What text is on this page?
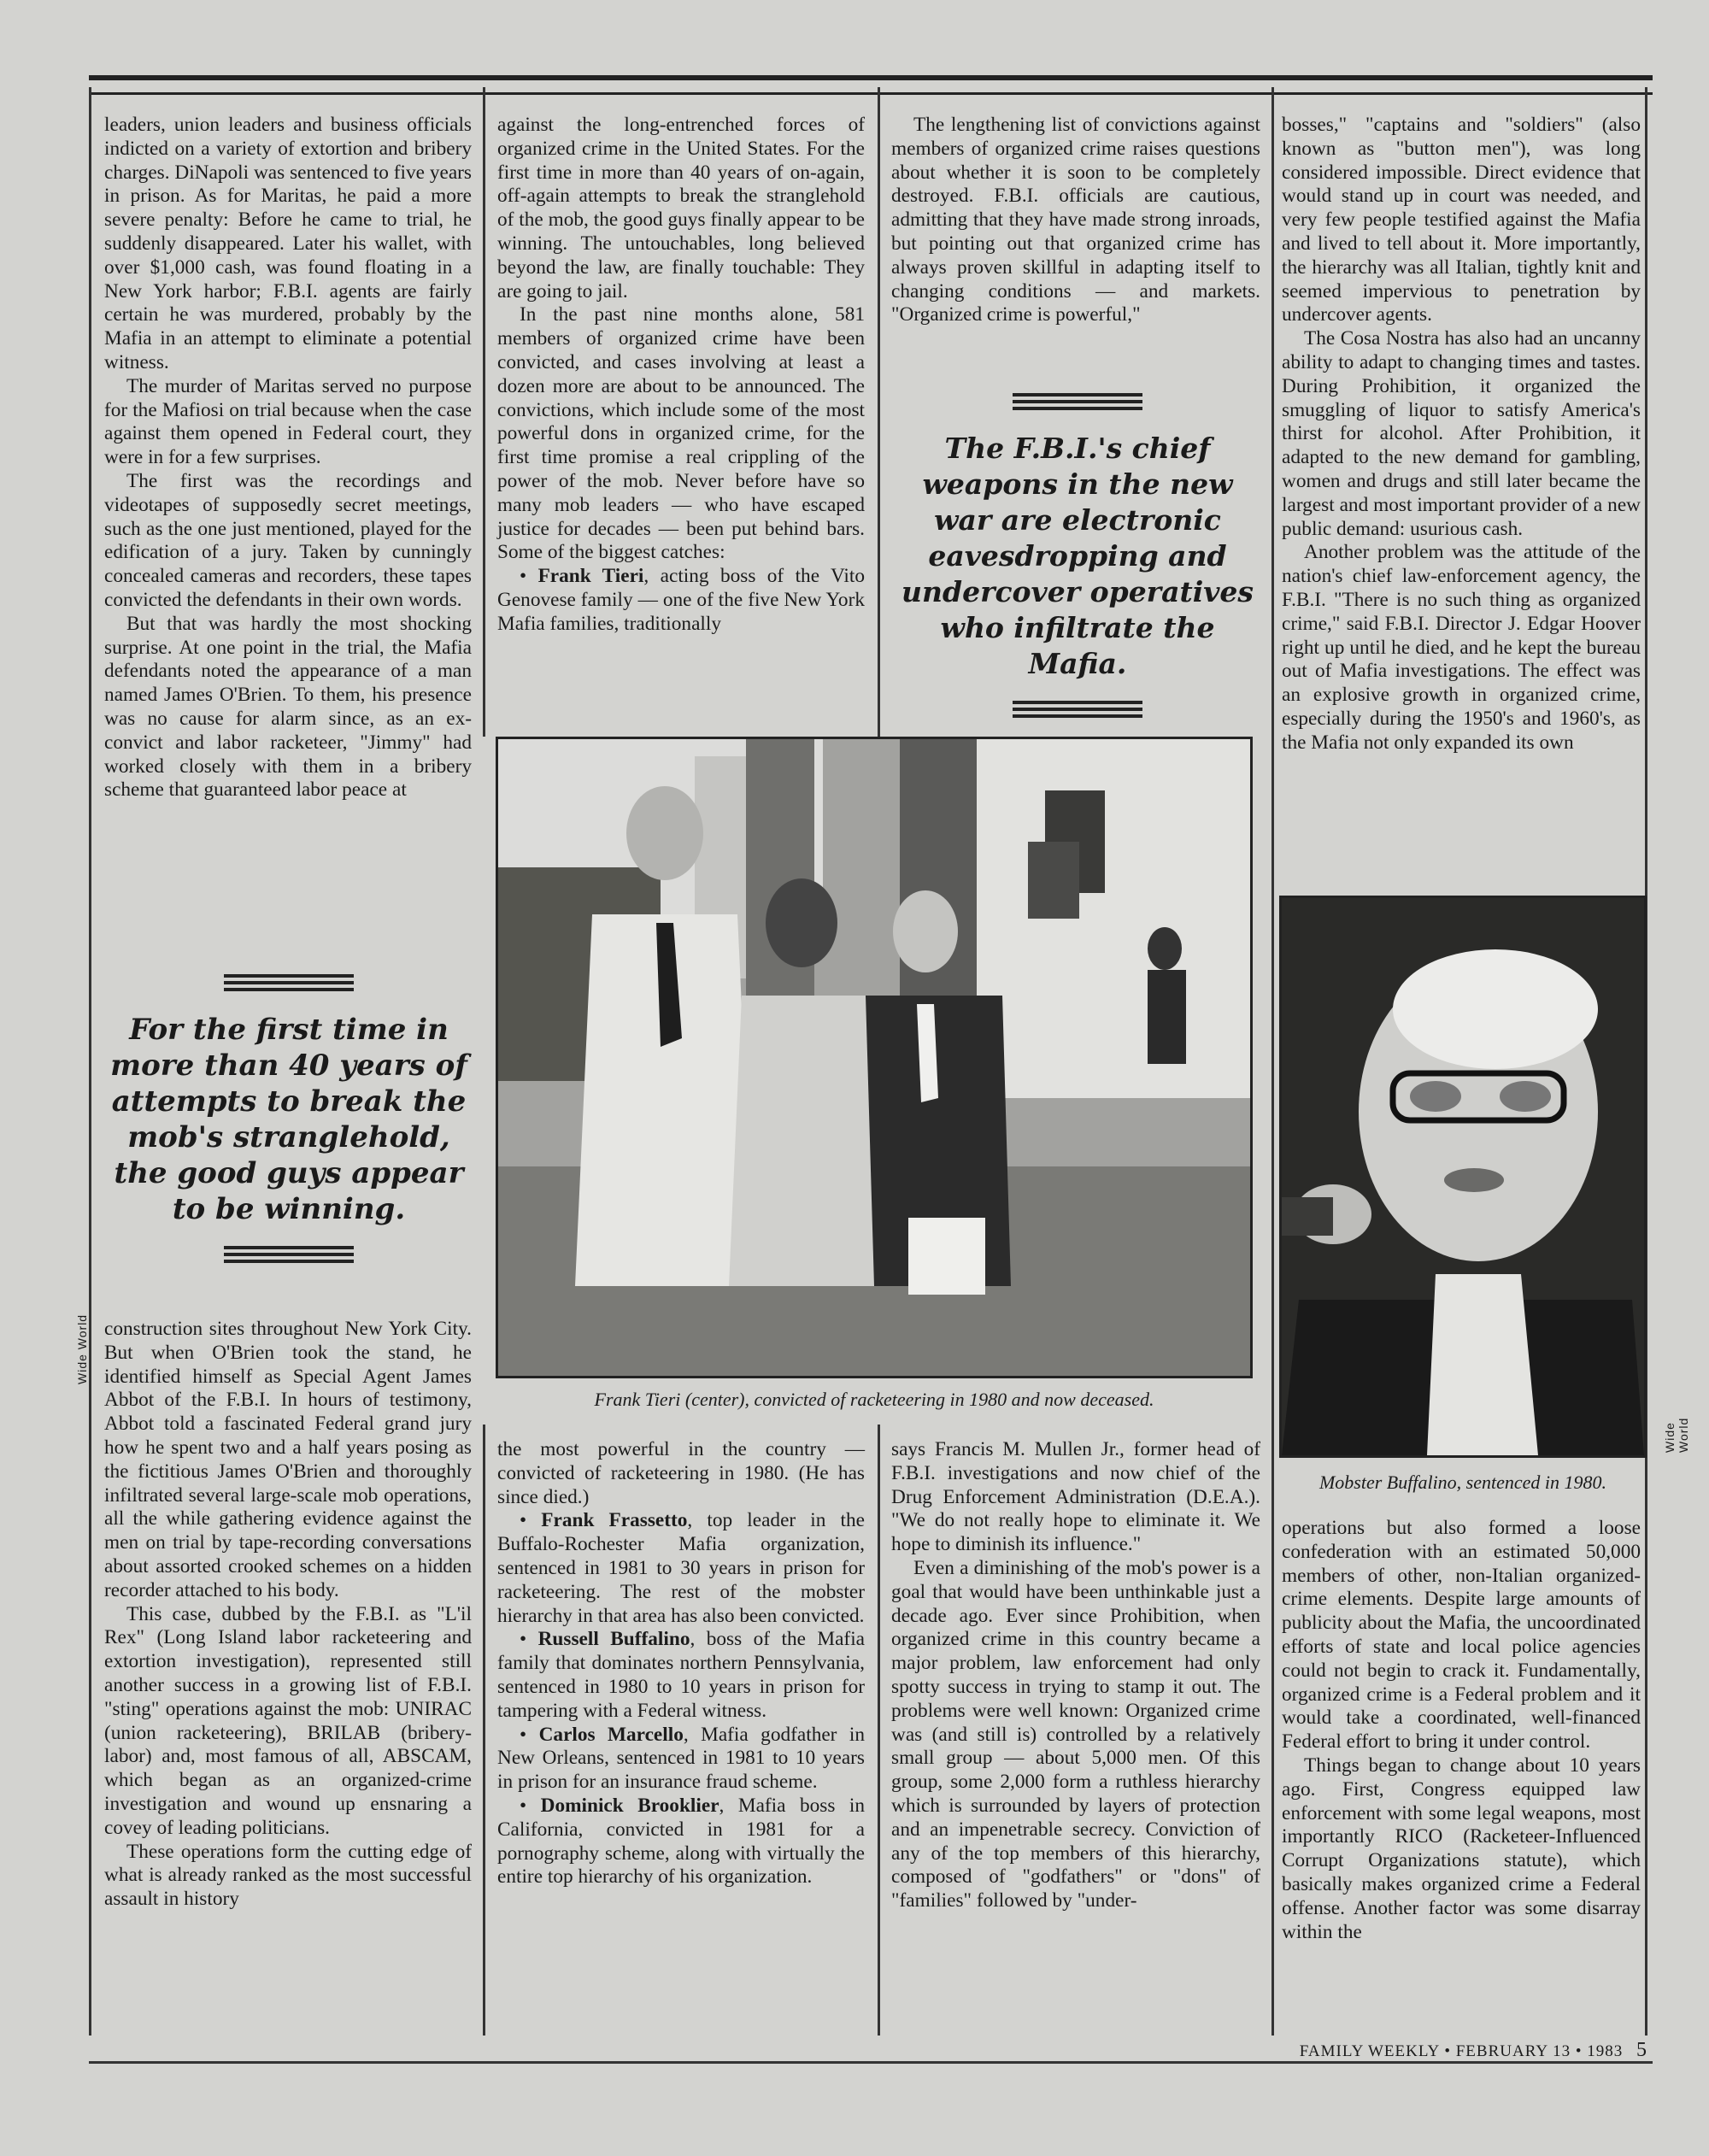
leaders, union leaders and business officials indicted on a variety of extortion and bribery charges. DiNapoli was sentenced to five years in prison. As for Maritas, he paid a more severe penalty: Before he came to trial, he suddenly disappeared. Later his wallet, with over $1,000 cash, was found floating in a New York harbor; F.B.I. agents are fairly certain he was murdered, probably by the Mafia in an attempt to eliminate a potential witness.

The murder of Maritas served no purpose for the Mafiosi on trial because when the case against them opened in Federal court, they were in for a few surprises.

The first was the recordings and videotapes of supposedly secret meetings, such as the one just mentioned, played for the edification of a jury. Taken by cunningly concealed cameras and recorders, these tapes convicted the defendants in their own words.

But that was hardly the most shocking surprise. At one point in the trial, the Mafia defendants noted the appearance of a man named James O'Brien. To them, his presence was no cause for alarm since, as an ex-convict and labor racketeer, "Jimmy" had worked closely with them in a bribery scheme that guaranteed labor peace at

For the first time in more than 40 years of attempts to break the mob's stranglehold, the good guys appear to be winning.

construction sites throughout New York City. But when O'Brien took the stand, he identified himself as Special Agent James Abbot of the F.B.I. In hours of testimony, Abbot told a fascinated Federal grand jury how he spent two and a half years posing as the fictitious James O'Brien and thoroughly infiltrated several large-scale mob operations, all the while gathering evidence against the men on trial by tape-recording conversations about assorted crooked schemes on a hidden recorder attached to his body.

This case, dubbed by the F.B.I. as "L'il Rex" (Long Island labor racketeering and extortion investigation), represented still another success in a growing list of F.B.I. "sting" operations against the mob: UNIRAC (union racketeering), BRILAB (bribery-labor) and, most famous of all, ABSCAM, which began as an organized-crime investigation and wound up ensnaring a covey of leading politicians.

These operations form the cutting edge of what is already ranked as the most successful assault in history

against the long-entrenched forces of organized crime in the United States. For the first time in more than 40 years of on-again, off-again attempts to break the stranglehold of the mob, the good guys finally appear to be winning. The untouchables, long believed beyond the law, are finally touchable: They are going to jail.

In the past nine months alone, 581 members of organized crime have been convicted, and cases involving at least a dozen more are about to be announced. The convictions, which include some of the most powerful dons in organized crime, for the first time promise a real crippling of the power of the mob. Never before have so many mob leaders — who have escaped justice for decades — been put behind bars. Some of the biggest catches:

• Frank Tieri, acting boss of the Vito Genovese family — one of the five New York Mafia families, traditionally

The lengthening list of convictions against members of organized crime raises questions about whether it is soon to be completely destroyed. F.B.I. officials are cautious, admitting that they have made strong inroads, but pointing out that organized crime has always proven skillful in adapting itself to changing conditions — and markets. "Organized crime is powerful,"

The F.B.I.'s chief weapons in the new war are electronic eavesdropping and undercover operatives who infiltrate the Mafia.
Frank Tieri (center), convicted of racketeering in 1980 and now deceased.

the most powerful in the country — convicted of racketeering in 1980. (He has since died.)

• Frank Frassetto, top leader in the Buffalo-Rochester Mafia organization, sentenced in 1981 to 30 years in prison for racketeering. The rest of the mobster hierarchy in that area has also been convicted.

• Russell Buffalino, boss of the Mafia family that dominates northern Pennsylvania, sentenced in 1980 to 10 years in prison for tampering with a Federal witness.

• Carlos Marcello, Mafia godfather in New Orleans, sentenced in 1981 to 10 years in prison for an insurance fraud scheme.

• Dominick Brooklier, Mafia boss in California, convicted in 1981 for a pornography scheme, along with virtually the entire top hierarchy of his organization.

says Francis M. Mullen Jr., former head of F.B.I. investigations and now chief of the Drug Enforcement Administration (D.E.A.). "We do not really hope to eliminate it. We hope to diminish its influence."

Even a diminishing of the mob's power is a goal that would have been unthinkable just a decade ago. Ever since Prohibition, when organized crime in this country became a major problem, law enforcement had only spotty success in trying to stamp it out. The problems were well known: Organized crime was (and still is) controlled by a relatively small group — about 5,000 men. Of this group, some 2,000 form a ruthless hierarchy which is surrounded by layers of protection and an impenetrable secrecy. Conviction of any of the top members of this hierarchy, composed of "godfathers" or "dons" of "families" followed by "under-

bosses," "captains and "soldiers" (also known as "button men"), was long considered impossible. Direct evidence that would stand up in court was needed, and very few people testified against the Mafia and lived to tell about it. More importantly, the hierarchy was all Italian, tightly knit and seemed impervious to penetration by undercover agents.

The Cosa Nostra has also had an uncanny ability to adapt to changing times and tastes. During Prohibition, it organized the smuggling of liquor to satisfy America's thirst for alcohol. After Prohibition, it adapted to the new demand for gambling, women and drugs and still later became the largest and most important provider of a new public demand: usurious cash.

Another problem was the attitude of the nation's chief law-enforcement agency, the F.B.I. "There is no such thing as organized crime," said F.B.I. Director J. Edgar Hoover right up until he died, and he kept the bureau out of Mafia investigations. The effect was an explosive growth in organized crime, especially during the 1950's and 1960's, as the Mafia not only expanded its own

Mobster Buffalino, sentenced in 1980.

operations but also formed a loose confederation with an estimated 50,000 members of other, non-Italian organized-crime elements. Despite large amounts of publicity about the Mafia, the uncoordinated efforts of state and local police agencies could not begin to crack it. Fundamentally, organized crime is a Federal problem and it would take a coordinated, well-financed Federal effort to bring it under control.

Things began to change about 10 years ago. First, Congress equipped law enforcement with some legal weapons, most importantly RICO (Racketeer-Influenced Corrupt Organizations statute), which basically makes organized crime a Federal offense. Another factor was some disarray within the

Wide World
Wide World
FAMILY WEEKLY • FEBRUARY 13 • 1983 5
